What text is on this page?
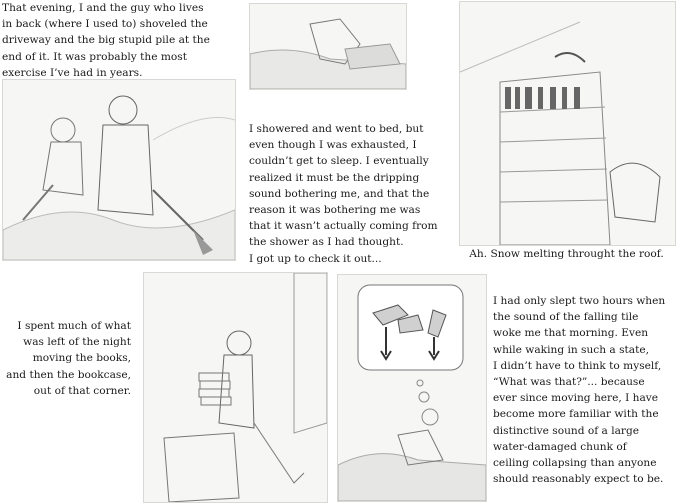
That evening, I and the guy who lives
in back (where I used to) shoveled the
driveway and the big stupid pile at the
end of it. It was probably the most
exercise I’ve had in years.

I showered and went to bed, but
even though I was exhausted, I
couldn’t get to sleep. I eventually
realized it must be the dripping
sound bothering me, and that the
reason it was bothering me was
that it wasn’t actually coming from
the shower as I had thought.
I got up to check it out...	Ah. Snow melting throught the roof.

I spent much of what
was left of the night
moving the books,
and then the bookcase,
out of that corner.

I had only slept two hours when
the sound of the falling tile
woke me that morning. Even
while waking in such a state,
I didn’t have to think to myself,
“What was that?”... because
ever since moving here, I have
become more familiar with the
distinctive sound of a large
water-damaged chunk of
ceiling collapsing than anyone
should reasonably expect to be.
